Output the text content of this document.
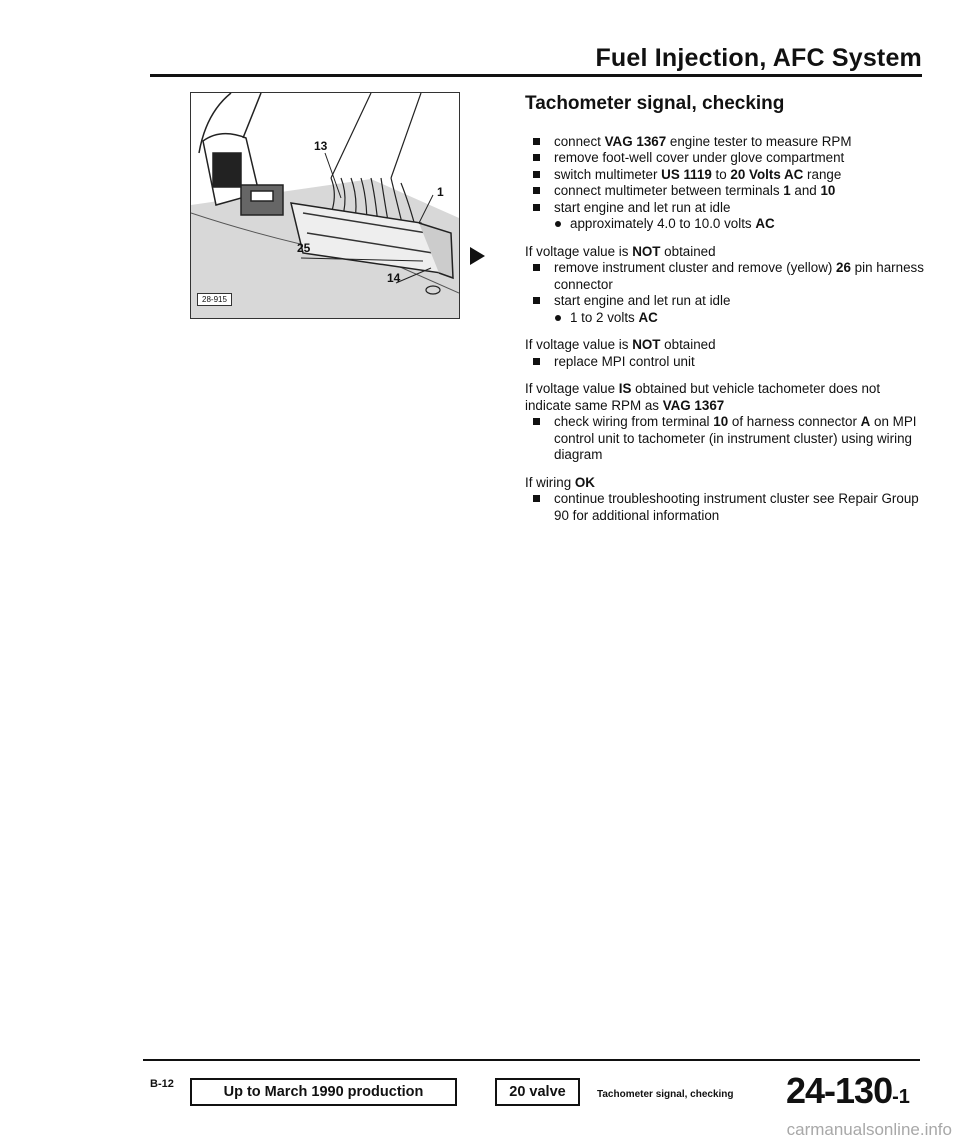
Fuel Injection, AFC System
13
1
25
14
28-915
Tachometer signal, checking
connect VAG 1367 engine tester to measure RPM
remove foot-well cover under glove compartment
switch multimeter US 1119 to 20 Volts AC range
connect multimeter between terminals 1 and 10
start engine and let run at idle
approximately 4.0 to 10.0 volts AC
If voltage value is NOT obtained
remove instrument cluster and remove (yellow) 26 pin harness connector
start engine and let run at idle
1 to 2 volts AC
If voltage value is NOT obtained
replace MPI control unit
If voltage value IS obtained but vehicle tachometer does not indicate same RPM as VAG 1367
check wiring from terminal 10 of harness connector A on MPI control unit to tachometer (in instrument cluster) using wiring diagram
If wiring OK
continue troubleshooting instrument cluster see Repair Group 90 for additional information
B-12	Up to March 1990 production	20 valve	Tachometer signal, checking 24-130-1
carmanualsonline.info
